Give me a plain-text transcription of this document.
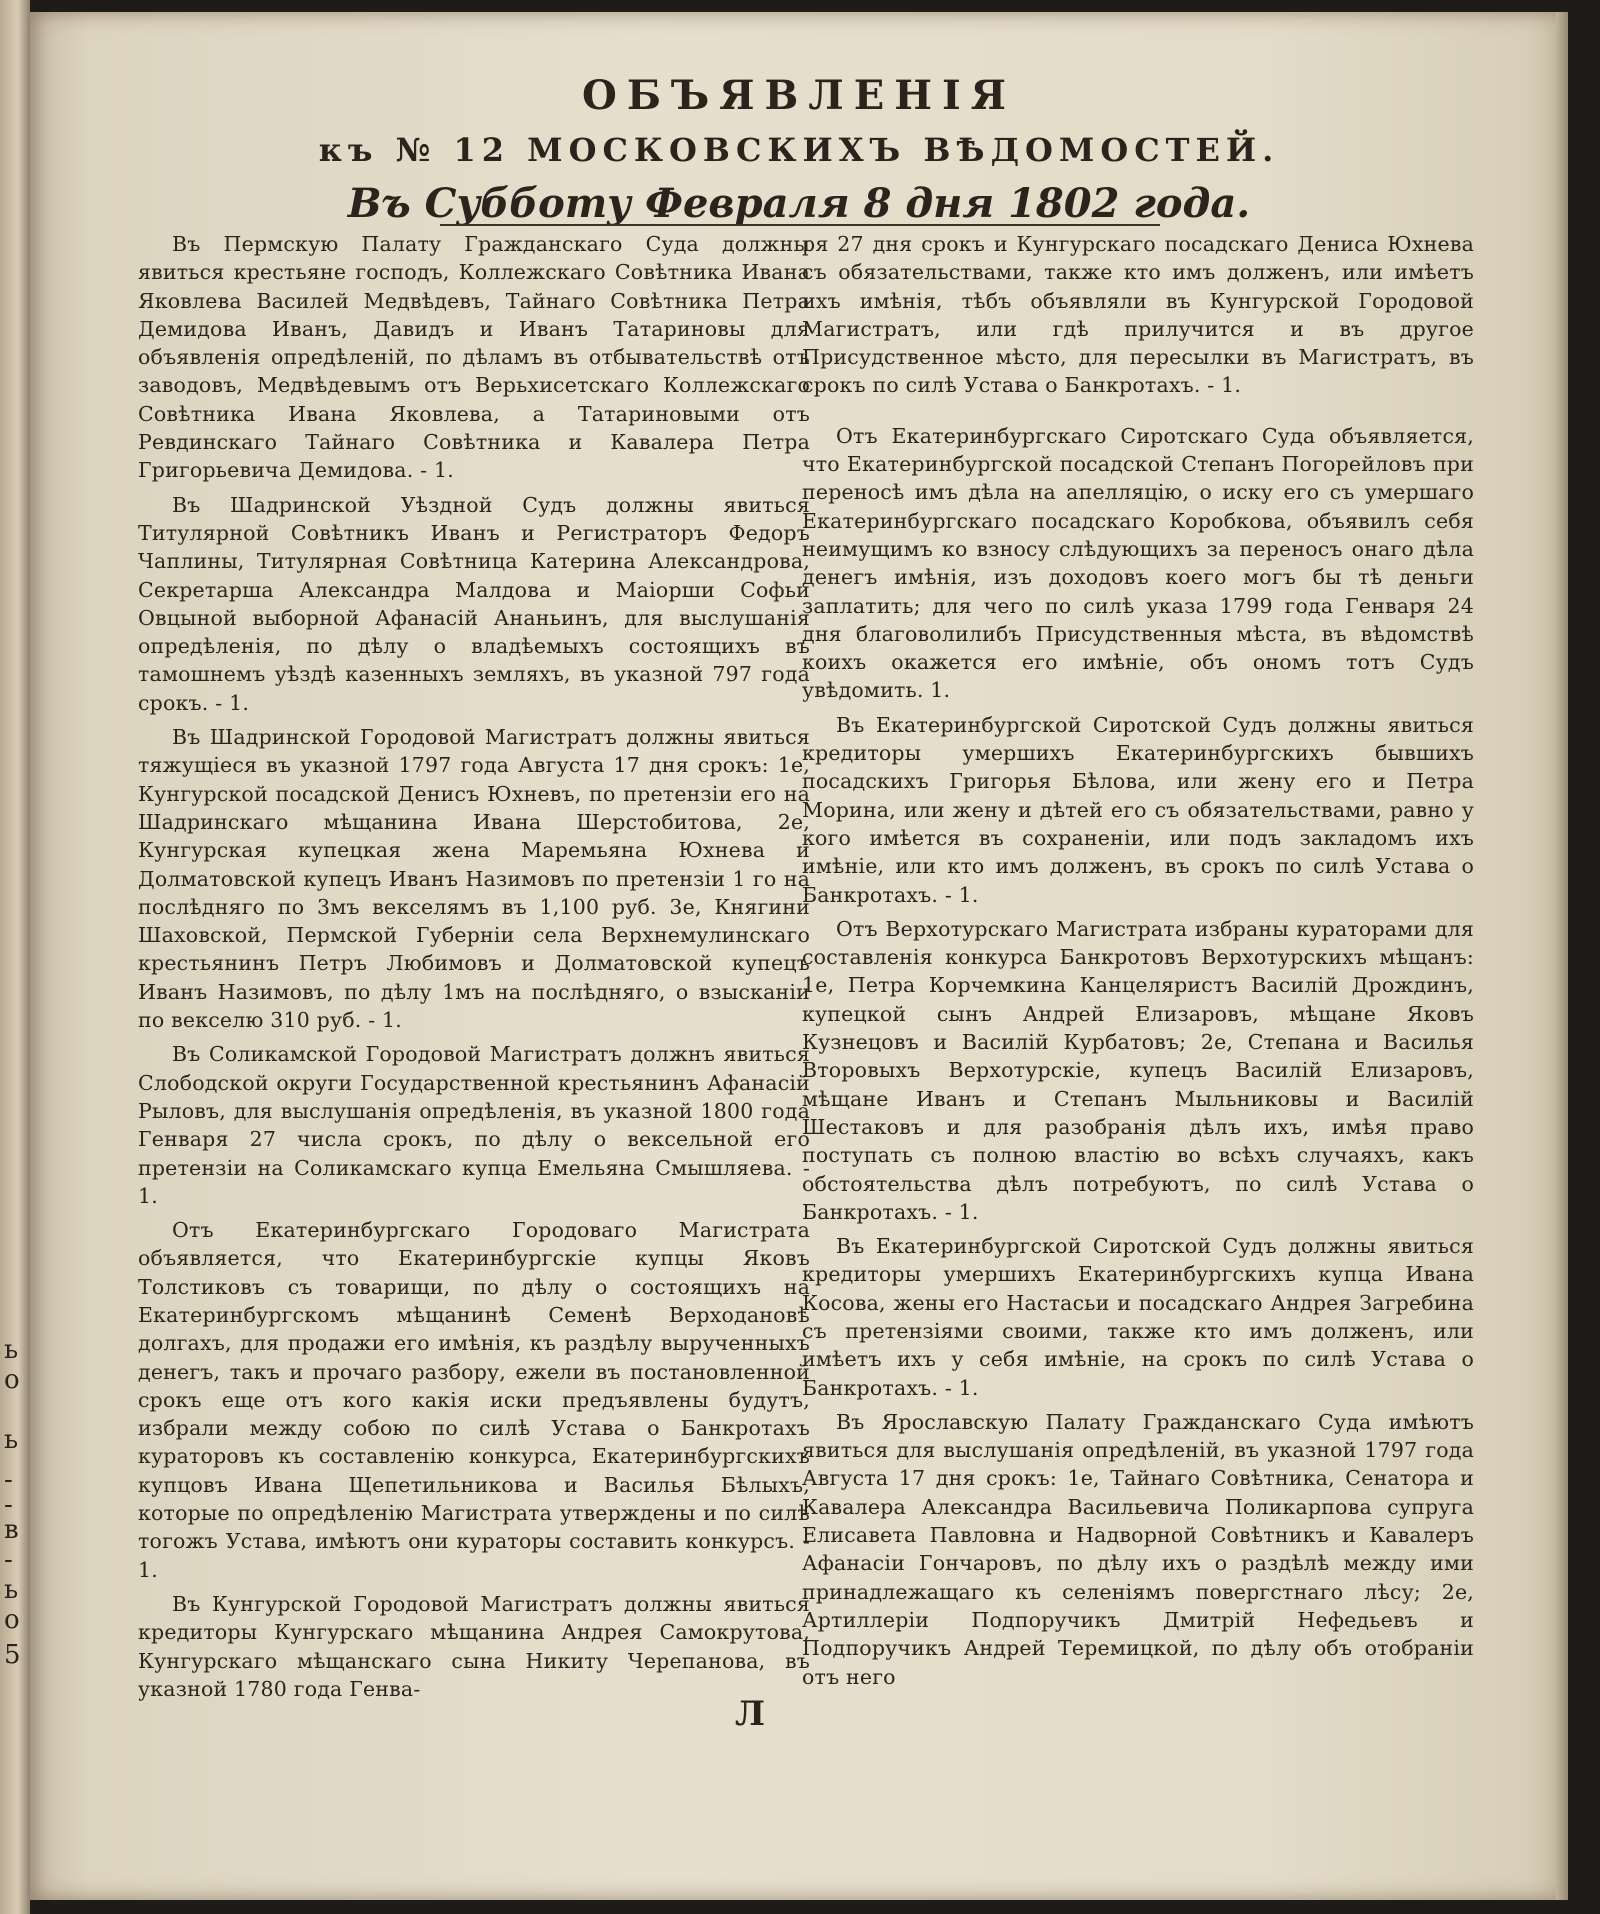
ь
о
ь
-
-
в
-
ь
о
5
ОБЪЯВЛЕНІЯ
къ № 12 МОСКОВСКИХЪ ВѢДОМОСТЕЙ.
Въ Субботу Февраля 8 дня 1802 года.

Въ Пермскую Палату Гражданскаго Суда должны явиться крестьяне господъ, Коллежскаго Совѣтника Ивана Яковлева Василей Медвѣдевъ, Тайнаго Совѣтника Петра Демидова Иванъ, Давидъ и Иванъ Татариновы для объявленія опредѣленій, по дѣламъ въ отбывательствѣ отъ заводовъ, Медвѣдевымъ отъ Верьхисетскаго Коллежскаго Совѣтника Ивана Яковлева, а Татариновыми отъ Ревдинскаго Тайнаго Совѣтника и Кавалера Петра Григорьевича Демидова. - 1.

Въ Шадринской Уѣздной Судъ должны явиться Титулярной Совѣтникъ Иванъ и Регистраторъ Федоръ Чаплины, Титулярная Совѣтница Катерина Александрова, Секретарша Александра Малдова и Маіорши Софьи Овцыной выборной Афанасій Ананьинъ, для выслушанія опредѣленія, по дѣлу о владѣемыхъ состоящихъ въ тамошнемъ уѣздѣ казенныхъ земляхъ, въ указной 797 года срокъ. - 1.

Въ Шадринской Городовой Магистратъ должны явиться тяжущіеся въ указной 1797 года Августа 17 дня срокъ: 1е, Кунгурской посадской Денисъ Юхневъ, по претензіи его на Шадринскаго мѣщанина Ивана Шерстобитова, 2е, Кунгурская купецкая жена Маремьяна Юхнева и Долматовской купецъ Иванъ Назимовъ по претензіи 1 го на послѣдняго по 3мъ векселямъ въ 1,100 руб. 3е, Княгини Шаховской, Пермской Губерніи села Верхнемулинскаго крестьянинъ Петръ Любимовъ и Долматовской купецъ Иванъ Назимовъ, по дѣлу 1мъ на послѣдняго, о взысканіи по векселю 310 руб. - 1.

Въ Соликамской Городовой Магистратъ должнъ явиться Слободской округи Государственной крестьянинъ Афанасій Рыловъ, для выслушанія опредѣленія, въ указной 1800 года Генваря 27 числа срокъ, по дѣлу о вексельной его претензіи на Соликамскаго купца Емельяна Смышляева. - 1.

Отъ Екатеринбургскаго Городоваго Магистрата объявляется, что Екатеринбургскіе купцы Яковъ Толстиковъ съ товарищи, по дѣлу о состоящихъ на Екатеринбургскомъ мѣщанинѣ Семенѣ Верходановѣ долгахъ, для продажи его имѣнія, къ раздѣлу вырученныхъ денегъ, такъ и прочаго разбору, ежели въ постановленной срокъ еще отъ кого какія иски предъявлены будутъ, избрали между собою по силѣ Устава о Банкротахъ кураторовъ къ составленію конкурса, Екатеринбургскихъ купцовъ Ивана Щепетильникова и Василья Бѣлыхъ, которые по опредѣленію Магистрата утверждены и по силѣ тогожъ Устава, имѣютъ они кураторы составить конкурсъ. - 1.

Въ Кунгурской Городовой Магистратъ должны явиться кредиторы Кунгурскаго мѣщанина Андрея Самокрутова, Кунгурскаго мѣщанскаго сына Никиту Черепанова, въ указной 1780 года Генва-

ря 27 дня срокъ и Кунгурскаго посадскаго Дениса Юхнева съ обязательствами, также кто имъ долженъ, или имѣетъ ихъ имѣнія, тѣбъ объявляли въ Кунгурской Городовой Магистратъ, или гдѣ прилучится и въ другое Присудственное мѣсто, для пересылки въ Магистратъ, въ срокъ по силѣ Устава о Банкротахъ. - 1.

Отъ Екатеринбургскаго Сиротскаго Суда объявляется, что Екатеринбургской посадской Степанъ Погорейловъ при переносѣ имъ дѣла на апелляцію, о иску его съ умершаго Екатеринбургскаго посадскаго Коробкова, объявилъ себя неимущимъ ко взносу слѣдующихъ за переносъ онаго дѣла денегъ имѣнія, изъ доходовъ коего могъ бы тѣ деньги заплатить; для чего по силѣ указа 1799 года Генваря 24 дня благоволилибъ Присудственныя мѣста, въ вѣдомствѣ коихъ окажется его имѣніе, объ ономъ тотъ Судъ увѣдомить. 1.

Въ Екатеринбургской Сиротской Судъ должны явиться кредиторы умершихъ Екатеринбургскихъ бывшихъ посадскихъ Григорья Бѣлова, или жену его и Петра Морина, или жену и дѣтей его съ обязательствами, равно у кого имѣется въ сохраненіи, или подъ закладомъ ихъ имѣніе, или кто имъ долженъ, въ срокъ по силѣ Устава о Банкротахъ. - 1.

Отъ Верхотурскаго Магистрата избраны кураторами для составленія конкурса Банкротовъ Верхотурскихъ мѣщанъ: 1е, Петра Корчемкина Канцеляристъ Василій Дрождинъ, купецкой сынъ Андрей Елизаровъ, мѣщане Яковъ Кузнецовъ и Василій Курбатовъ; 2е, Степана и Василья Второвыхъ Верхотурскіе, купецъ Василій Елизаровъ, мѣщане Иванъ и Степанъ Мыльниковы и Василій Шестаковъ и для разобранія дѣлъ ихъ, имѣя право поступать съ полною властію во всѣхъ случаяхъ, какъ обстоятельства дѣлъ потребуютъ, по силѣ Устава о Банкротахъ. - 1.

Въ Екатеринбургской Сиротской Судъ должны явиться кредиторы умершихъ Екатеринбургскихъ купца Ивана Косова, жены его Настасьи и посадскаго Андрея Загребина съ претензіями своими, также кто имъ долженъ, или имѣетъ ихъ у себя имѣніе, на срокъ по силѣ Устава о Банкротахъ. - 1.

Въ Ярославскую Палату Гражданскаго Суда имѣютъ явиться для выслушанія опредѣленій, въ указной 1797 года Августа 17 дня срокъ: 1е, Тайнаго Совѣтника, Сенатора и Кавалера Александра Васильевича Поликарпова супруга Елисавета Павловна и Надворной Совѣтникъ и Кавалеръ Афанасіи Гончаровъ, по дѣлу ихъ о раздѣлѣ между ими принадлежащаго къ селеніямъ повергстнаго лѣсу; 2е, Артиллеріи Подпоручикъ Дмитрій Нефедьевъ и Подпоручикъ Андрей Теремицкой, по дѣлу объ отобраніи отъ него

Л
